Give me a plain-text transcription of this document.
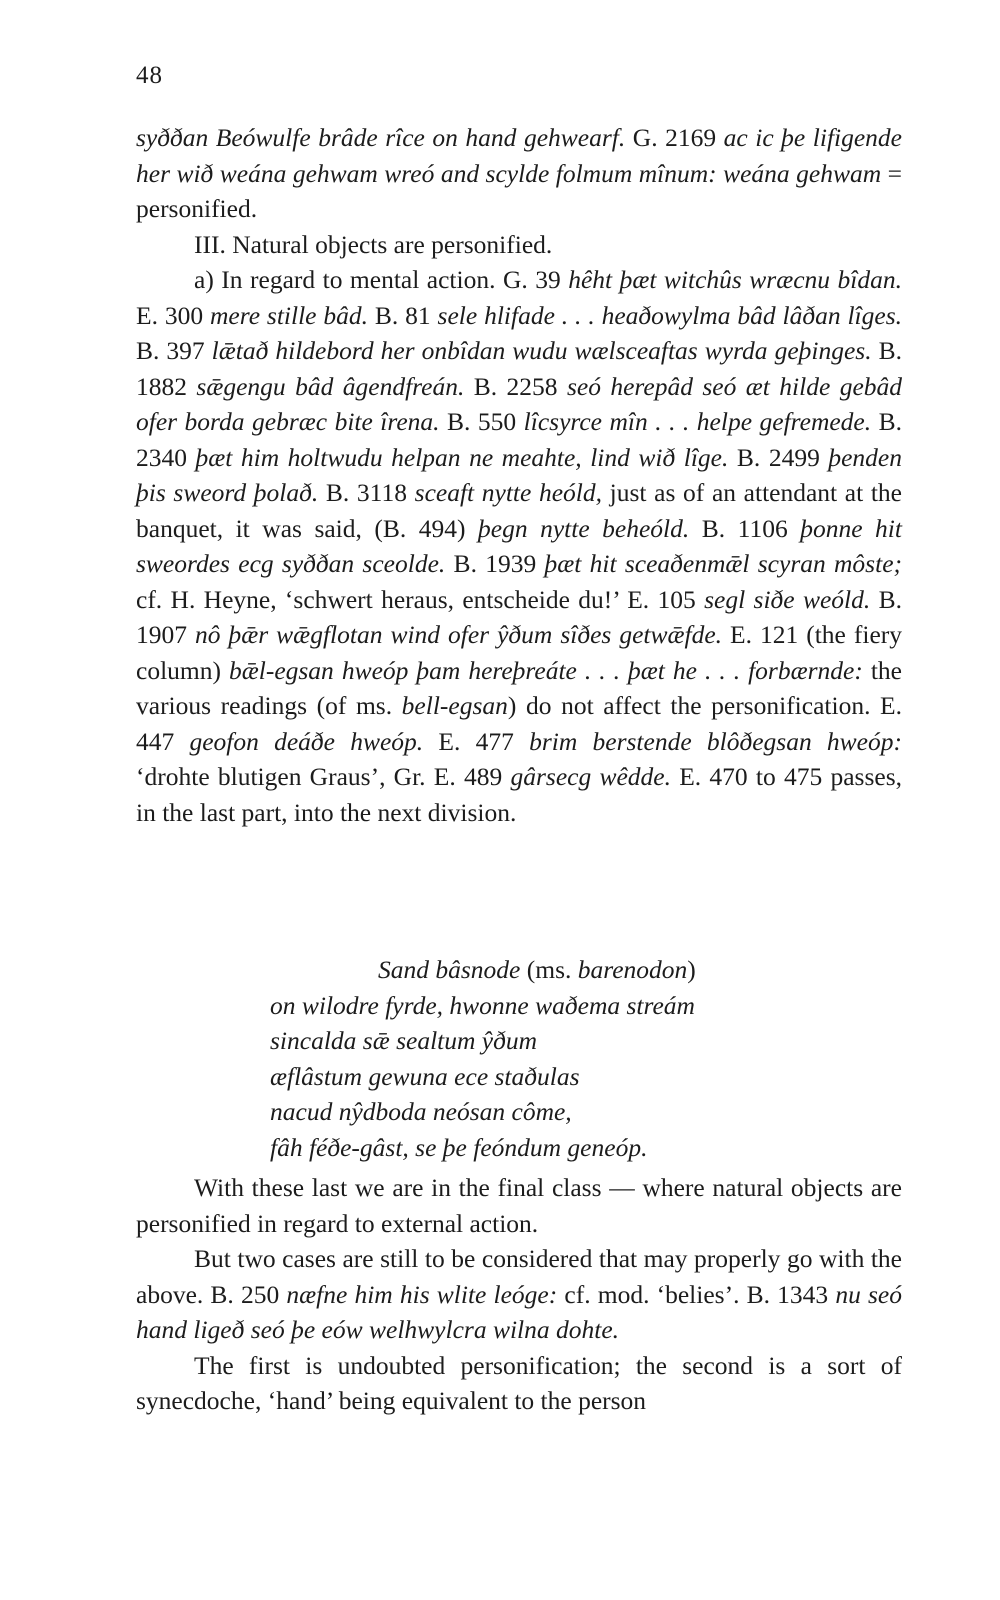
48

syððan Beówulfe brâde rîce on hand gehwearf. G. 2169 ac ic þe lifigende her wið weána gehwam wreó and scylde folmum mînum: weána gehwam = personified.

III. Natural objects are personified.

a) In regard to mental action. G. 39 hêht þæt witchûs wræcnu bîdan. E. 300 mere stille bâd. B. 81 sele hlifade . . . heaðowylma bâd lâðan lîges. B. 397 lǣtað hildebord her onbîdan wudu wælsceaftas wyrda geþinges. B. 1882 sǣgengu bâd âgendfreán. B. 2258 seó herepâd seó æt hilde gebâd ofer borda gebræc bite îrena. B. 550 lîcsyrce mîn . . . helpe gefremede. B. 2340 þæt him holtwudu helpan ne meahte, lind wið lîge. B. 2499 þenden þis sweord þolað. B. 3118 sceaft nytte heóld, just as of an attendant at the banquet, it was said, (B. 494) þegn nytte beheóld. B. 1106 þonne hit sweordes ecg syððan sceolde. B. 1939 þæt hit sceaðenmǣl scyran môste; cf. H. Heyne, ‘schwert heraus, entscheide du!’ E. 105 segl siðe weóld. B. 1907 nô þǣr wǣgflotan wind ofer ŷðum sîðes getwǣfde. E. 121 (the fiery column) bǣl-egsan hweóp þam hereþreáte . . . þæt he . . . forbærnde: the various readings (of ms. bell-egsan) do not affect the personification. E. 447 geofon deáðe hweóp. E. 477 brim berstende blôðegsan hweóp: ‘drohte blutigen Graus’, Gr. E. 489 gârsecg wêdde. E. 470 to 475 passes, in the last part, into the next division.

Sand bâsnode (ms. barenodon)
on wilodre fyrde, hwonne waðema streám
sincalda sǣ sealtum ŷðum
æflâstum gewuna ece staðulas
nacud nŷdboda neósan côme,
fâh féðe-gâst, se þe feóndum geneóp.

With these last we are in the final class — where natural objects are personified in regard to external action.

But two cases are still to be considered that may properly go with the above. B. 250 næfne him his wlite leóge: cf. mod. ‘belies’. B. 1343 nu seó hand ligeð seó þe eów welhwylcra wilna dohte.

The first is undoubted personification; the second is a sort of synecdoche, ‘hand’ being equivalent to the person
